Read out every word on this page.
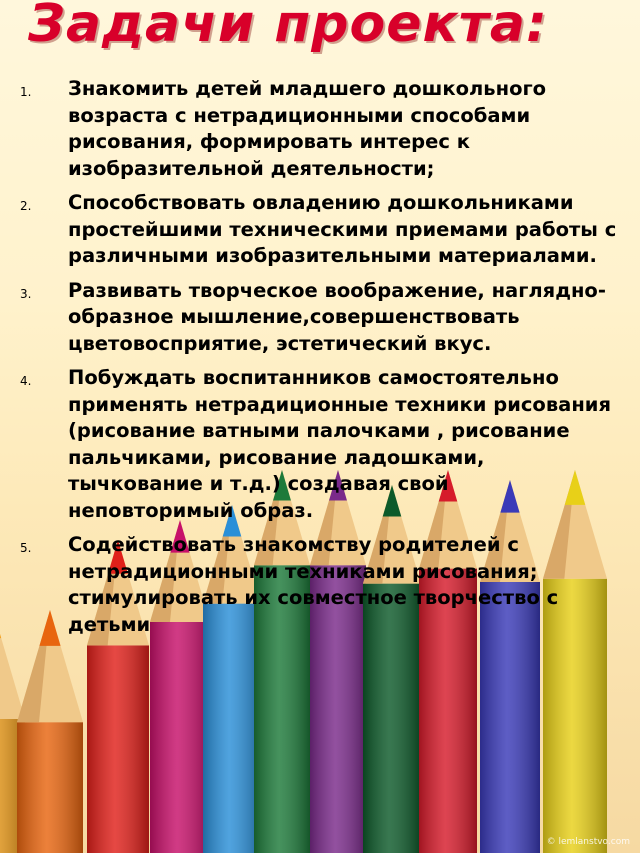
Задачи проекта:
1.	Знакомить детей младшего дошкольного возраста с нетрадиционными способами рисования, формировать интерес к изобразительной деятельности;
2.	Способствовать овладению дошкольниками простейшими техническими приемами работы с различными изобразительными материалами.
3.	Развивать творческое воображение, наглядно-образное мышление,совершенствовать цветовосприятие, эстетический вкус.
4.	Побуждать воспитанников самостоятельно применять нетрадиционные техники рисования (рисование ватными палочками , рисование пальчиками, рисование ладошками, тычкование и т.д.) создавая свой неповторимый образ.
5.	Содействовать знакомству родителей с нетрадиционными техниками рисования; стимулировать их совместное творчество с детьми
© lemlanstvo.com
